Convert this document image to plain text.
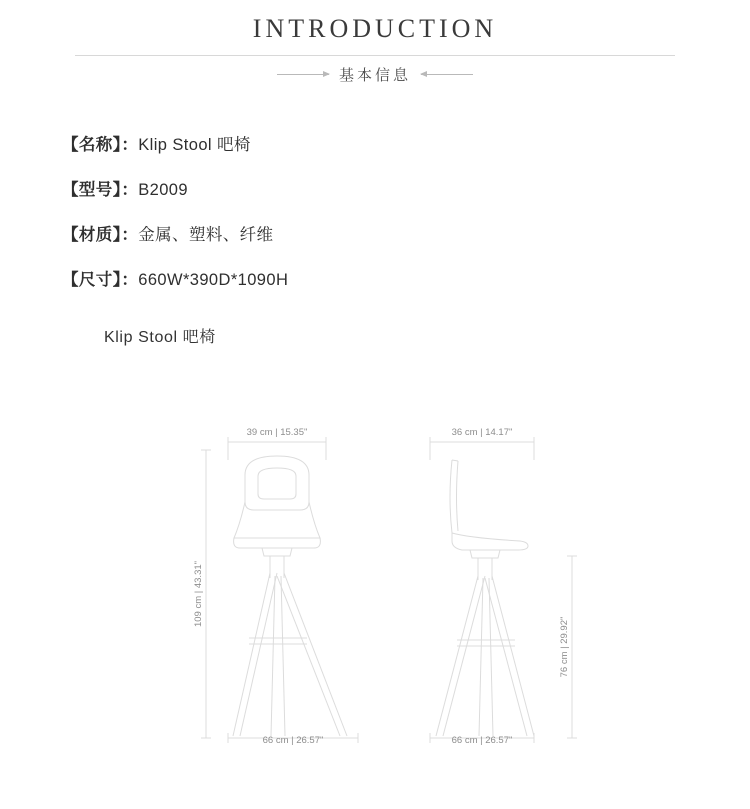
INTRODUCTION
基本信息
【名称】：Klip Stool 吧椅
【型号】：B2009
【材质】：金属、塑料、纤维
【尺寸】：660W*390D*1090H
Klip Stool 吧椅
39 cm | 15.35"
66 cm | 26.57"
36 cm | 14.17"
66 cm | 26.57"
109 cm | 43.31"
76 cm | 29.92"
